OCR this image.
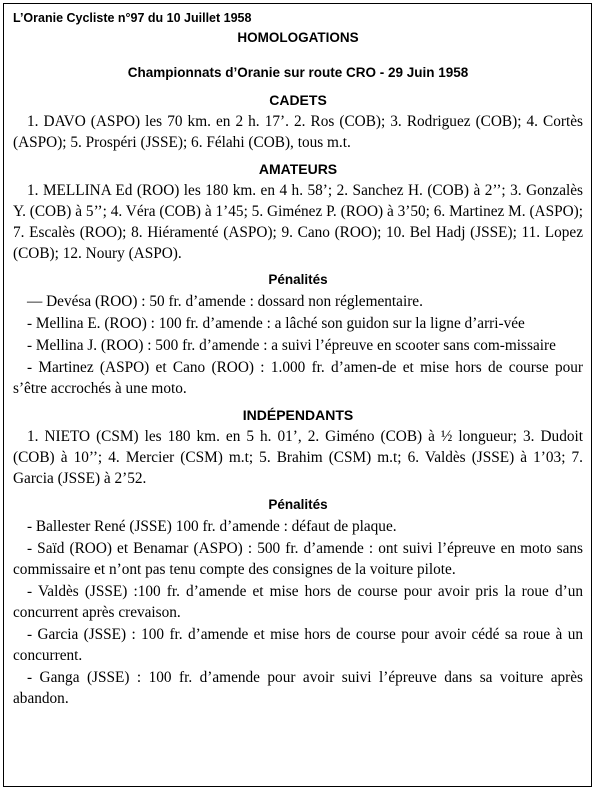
L’Oranie Cycliste n°97 du 10 Juillet 1958
HOMOLOGATIONS
Championnats d’Oranie sur route CRO - 29 Juin 1958
CADETS

1. DAVO (ASPO) les 70 km. en 2 h. 17’. 2. Ros (COB); 3. Rodriguez (COB); 4. Cortès (ASPO); 5. Prospéri (JSSE); 6. Félahi (COB), tous m.t.

AMATEURS

1. MELLINA Ed (ROO) les 180 km. en 4 h. 58’; 2. Sanchez H. (COB) à 2’’; 3. Gonzalès Y. (COB) à 5’’; 4. Véra (COB) à 1’45; 5. Giménez P. (ROO) à 3’50; 6. Martinez M. (ASPO); 7. Escalès (ROO); 8. Hiéramenté (ASPO); 9. Cano (ROO); 10. Bel Hadj (JSSE); 11. Lopez (COB); 12. Noury (ASPO).

Pénalités

— Devésa (ROO) : 50 fr. d’amende : dossard non réglementaire.

- Mellina E. (ROO) : 100 fr. d’amende : a lâché son guidon sur la ligne d’arri-vée

- Mellina J. (ROO) : 500 fr. d’amende : a suivi l’épreuve en scooter sans com-missaire

- Martinez (ASPO) et Cano (ROO) : 1.000 fr. d’amen-de et mise hors de course pour s’être accrochés à une moto.

INDÉPENDANTS

1. NIETO (CSM) les 180 km. en 5 h. 01’, 2. Giméno (COB) à ½ longueur; 3. Dudoit (COB) à 10’’; 4. Mercier (CSM) m.t; 5. Brahim (CSM) m.t; 6. Valdès (JSSE) à 1’03; 7. Garcia (JSSE) à 2’52.

Pénalités

- Ballester René (JSSE) 100 fr. d’amende : défaut de plaque.

- Saïd (ROO) et Benamar (ASPO) : 500 fr. d’amende : ont suivi l’épreuve en moto sans commissaire et n’ont pas tenu compte des consignes de la voiture pilote.

- Valdès (JSSE) :100 fr. d’amende et mise hors de course pour avoir pris la roue d’un concurrent après crevaison.

- Garcia (JSSE) : 100 fr. d’amende et mise hors de course pour avoir cédé sa roue à un concurrent.

- Ganga (JSSE) : 100 fr. d’amende pour avoir suivi l’épreuve dans sa voiture après abandon.
